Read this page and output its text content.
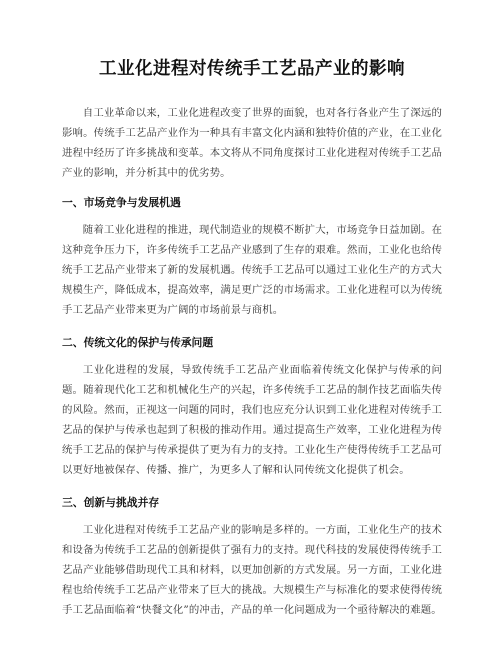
工业化进程对传统手工艺品产业的影响

自工业革命以来，工业化进程改变了世界的面貌，也对各行各业产生了深远的影响。传统手工艺品产业作为一种具有丰富文化内涵和独特价值的产业，在工业化进程中经历了许多挑战和变革。本文将从不同角度探讨工业化进程对传统手工艺品产业的影响，并分析其中的优劣势。

一、市场竞争与发展机遇

随着工业化进程的推进，现代制造业的规模不断扩大，市场竞争日益加剧。在这种竞争压力下，许多传统手工艺品产业感到了生存的艰难。然而，工业化也给传统手工艺品产业带来了新的发展机遇。传统手工艺品可以通过工业化生产的方式大规模生产，降低成本，提高效率，满足更广泛的市场需求。工业化进程可以为传统手工艺品产业带来更为广阔的市场前景与商机。

二、传统文化的保护与传承问题

工业化进程的发展，导致传统手工艺品产业面临着传统文化保护与传承的问题。随着现代化工艺和机械化生产的兴起，许多传统手工艺品的制作技艺面临失传的风险。然而，正视这一问题的同时，我们也应充分认识到工业化进程对传统手工艺品的保护与传承也起到了积极的推动作用。通过提高生产效率，工业化进程为传统手工艺品的保护与传承提供了更为有力的支持。工业化生产使得传统手工艺品可以更好地被保存、传播、推广，为更多人了解和认同传统文化提供了机会。

三、创新与挑战并存

工业化进程对传统手工艺品产业的影响是多样的。一方面，工业化生产的技术和设备为传统手工艺品的创新提供了强有力的支持。现代科技的发展使得传统手工艺品产业能够借助现代工具和材料，以更加创新的方式发展。另一方面，工业化进程也给传统手工艺品产业带来了巨大的挑战。大规模生产与标准化的要求使得传统手工艺品面临着“快餐文化”的冲击，产品的单一化问题成为一个亟待解决的难题。
